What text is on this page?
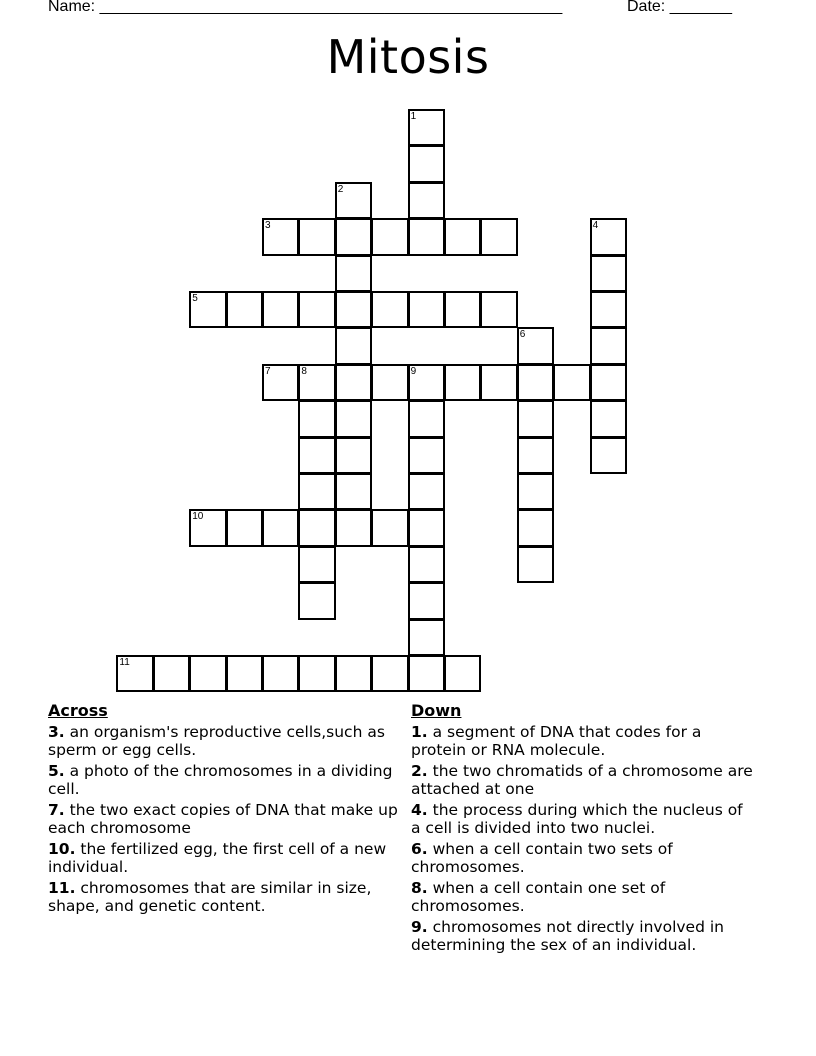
Name: ____________________________________________________	Date: _______
Mitosis
1
2
3	4
5
6
7	8	9
10
11
Across
3. an organism's reproductive cells,such as sperm or egg cells.
5. a photo of the chromosomes in a dividing cell.
7. the two exact copies of DNA that make up each chromosome
10. the fertilized egg, the first cell of a new individual.
11. chromosomes that are similar in size, shape, and genetic content.
Down
1. a segment of DNA that codes for a protein or RNA molecule.
2. the two chromatids of a chromosome are attached at one
4. the process during which the nucleus of a cell is divided into two nuclei.
6. when a cell contain two sets of chromosomes.
8. when a cell contain one set of chromosomes.
9. chromosomes not directly involved in determining the sex of an individual.
